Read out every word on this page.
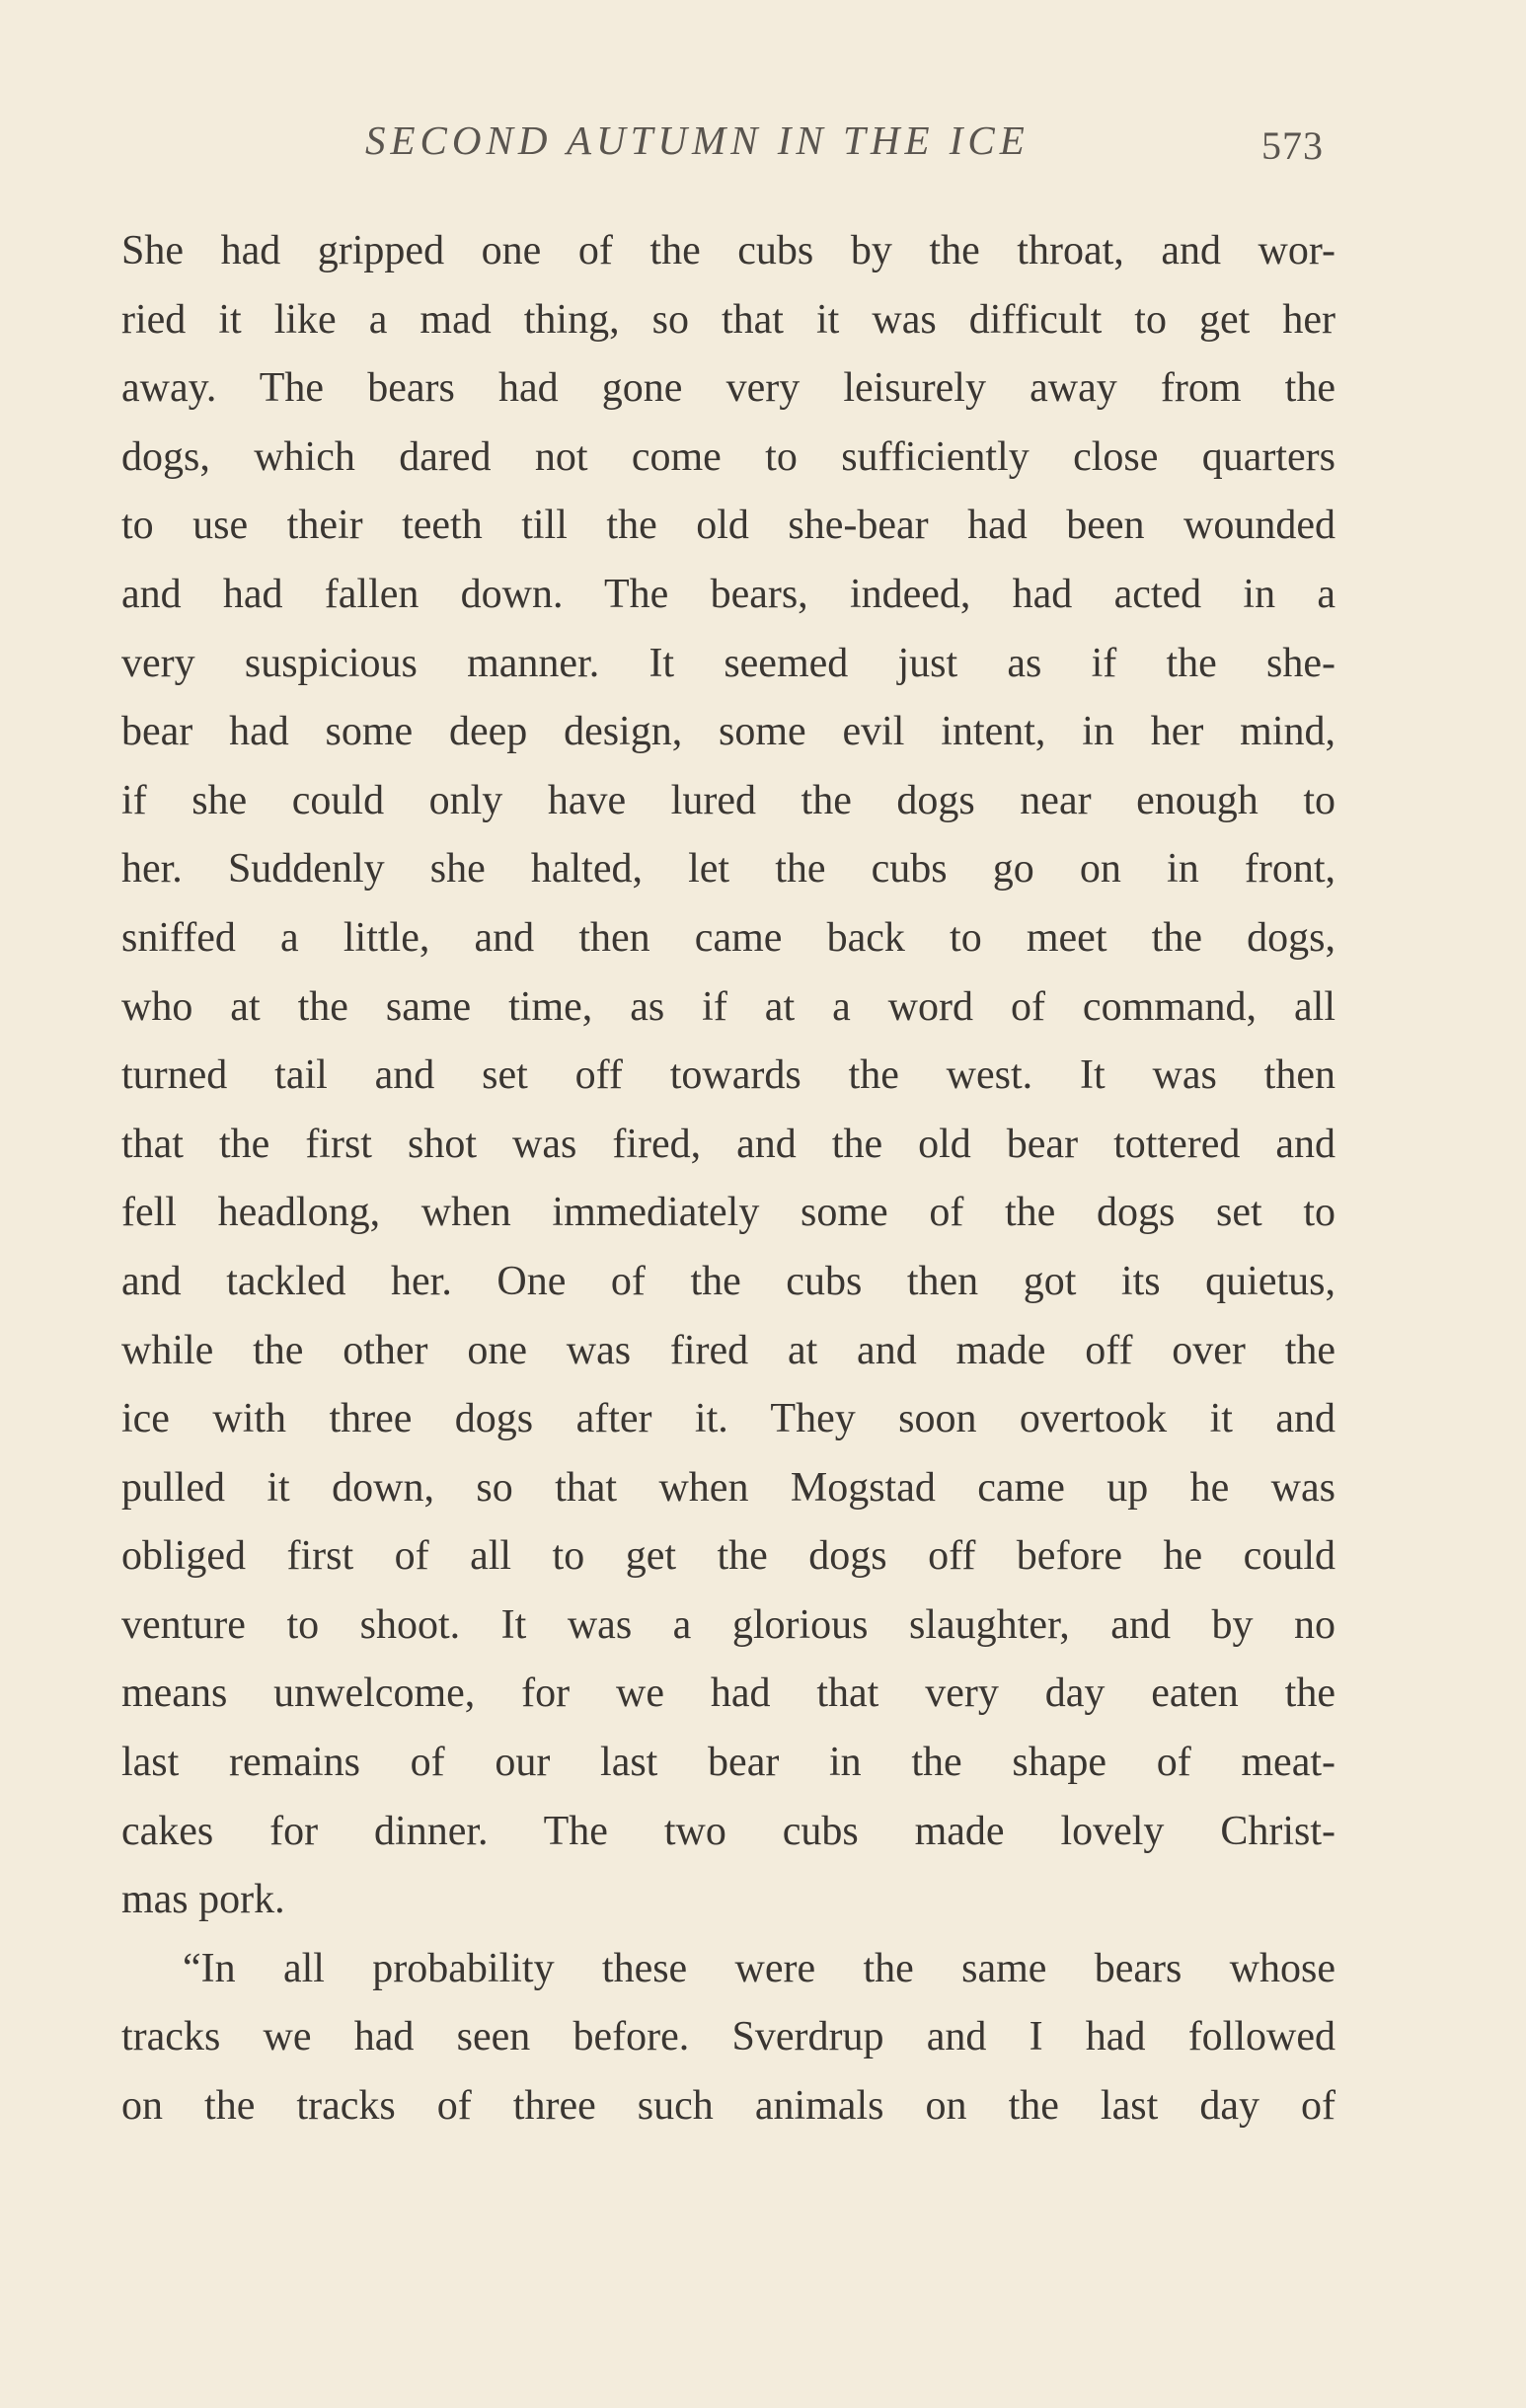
SECOND AUTUMN IN THE ICE	573
She had gripped one of the cubs by the throat, and wor-
ried it like a mad thing, so that it was difficult to get her
away. The bears had gone very leisurely away from the
dogs, which dared not come to sufficiently close quarters
to use their teeth till the old she-bear had been wounded
and had fallen down. The bears, indeed, had acted in a
very suspicious manner. It seemed just as if the she-
bear had some deep design, some evil intent, in her mind,
if she could only have lured the dogs near enough to
her. Suddenly she halted, let the cubs go on in front,
sniffed a little, and then came back to meet the dogs,
who at the same time, as if at a word of command, all
turned tail and set off towards the west. It was then
that the first shot was fired, and the old bear tottered and
fell headlong, when immediately some of the dogs set to
and tackled her. One of the cubs then got its quietus,
while the other one was fired at and made off over the
ice with three dogs after it. They soon overtook it and
pulled it down, so that when Mogstad came up he was
obliged first of all to get the dogs off before he could
venture to shoot. It was a glorious slaughter, and by no
means unwelcome, for we had that very day eaten the
last remains of our last bear in the shape of meat-
cakes for dinner. The two cubs made lovely Christ-
mas pork.
“In all probability these were the same bears whose
tracks we had seen before. Sverdrup and I had followed
on the tracks of three such animals on the last day of
